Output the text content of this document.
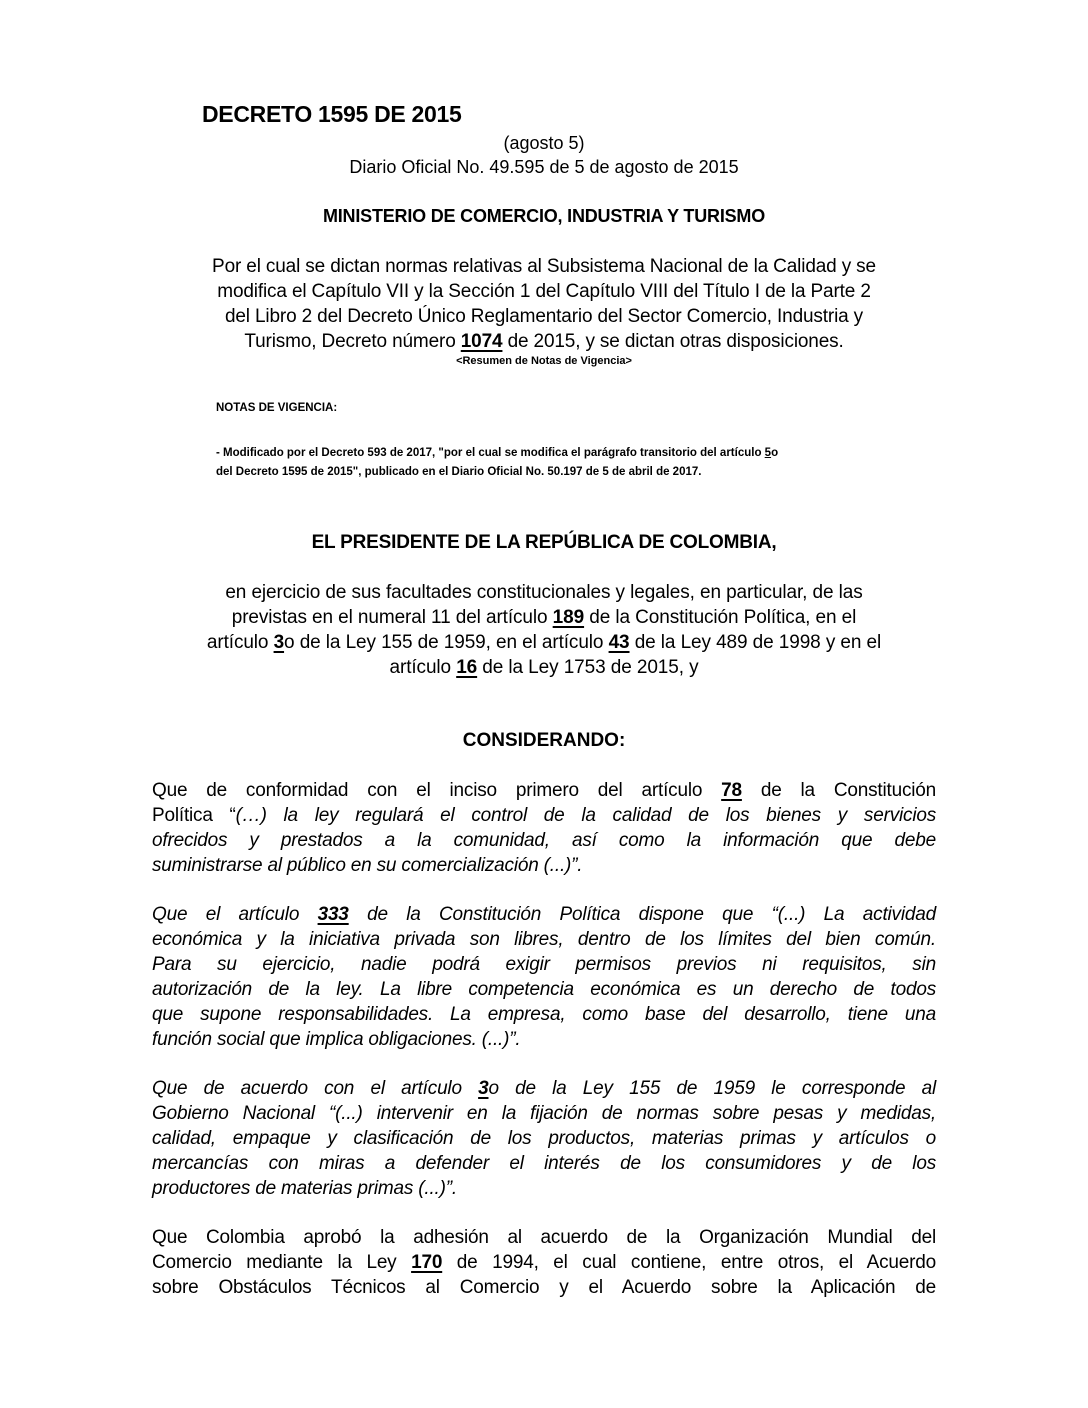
DECRETO 1595 DE 2015
(agosto 5)
Diario Oficial No. 49.595 de 5 de agosto de 2015
MINISTERIO DE COMERCIO, INDUSTRIA Y TURISMO
Por el cual se dictan normas relativas al Subsistema Nacional de la Calidad y se
modifica el Capítulo VII y la Sección 1 del Capítulo VIII del Título I de la Parte 2
del Libro 2 del Decreto Único Reglamentario del Sector Comercio, Industria y
Turismo, Decreto número 1074 de 2015, y se dictan otras disposiciones.
<Resumen de Notas de Vigencia>
NOTAS DE VIGENCIA:
- Modificado por el Decreto 593 de 2017, "por el cual se modifica el parágrafo transitorio del artículo 5o
del Decreto 1595 de 2015", publicado en el Diario Oficial No. 50.197 de 5 de abril de 2017.
EL PRESIDENTE DE LA REPÚBLICA DE COLOMBIA,
en ejercicio de sus facultades constitucionales y legales, en particular, de las
previstas en el numeral 11 del artículo 189 de la Constitución Política, en el
artículo 3o de la Ley 155 de 1959, en el artículo 43 de la Ley 489 de 1998 y en el
artículo 16 de la Ley 1753 de 2015, y
CONSIDERANDO:
Que de conformidad con el inciso primero del artículo 78 de la Constitución
Política “(…) la ley regulará el control de la calidad de los bienes y servicios
ofrecidos y prestados a la comunidad, así como la información que debe
suministrarse al público en su comercialización (...)”.
Que el artículo 333 de la Constitución Política dispone que “(...) La actividad
económica y la iniciativa privada son libres, dentro de los límites del bien común.
Para su ejercicio, nadie podrá exigir permisos previos ni requisitos, sin
autorización de la ley. La libre competencia económica es un derecho de todos
que supone responsabilidades. La empresa, como base del desarrollo, tiene una
función social que implica obligaciones. (...)”.
Que de acuerdo con el artículo 3o de la Ley 155 de 1959 le corresponde al
Gobierno Nacional “(...) intervenir en la fijación de normas sobre pesas y medidas,
calidad, empaque y clasificación de los productos, materias primas y artículos o
mercancías con miras a defender el interés de los consumidores y de los
productores de materias primas (...)”.
Que Colombia aprobó la adhesión al acuerdo de la Organización Mundial del
Comercio mediante la Ley 170 de 1994, el cual contiene, entre otros, el Acuerdo
sobre Obstáculos Técnicos al Comercio y el Acuerdo sobre la Aplicación de
